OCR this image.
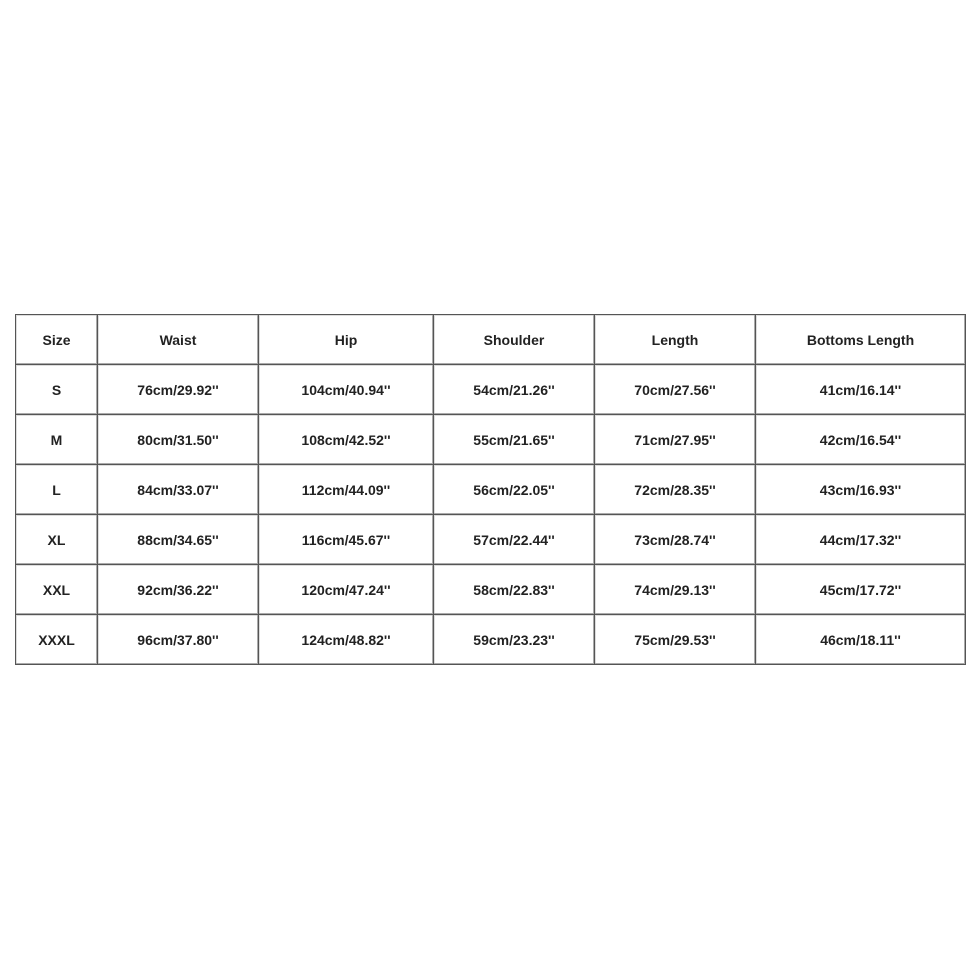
Size	Waist	Hip	Shoulder	Length	Bottoms Length
S	76cm/29.92''	104cm/40.94''	54cm/21.26''	70cm/27.56''	41cm/16.14''
M	80cm/31.50''	108cm/42.52''	55cm/21.65''	71cm/27.95''	42cm/16.54''
L	84cm/33.07''	112cm/44.09''	56cm/22.05''	72cm/28.35''	43cm/16.93''
XL	88cm/34.65''	116cm/45.67''	57cm/22.44''	73cm/28.74''	44cm/17.32''
XXL	92cm/36.22''	120cm/47.24''	58cm/22.83''	74cm/29.13''	45cm/17.72''
XXXL	96cm/37.80''	124cm/48.82''	59cm/23.23''	75cm/29.53''	46cm/18.11''
